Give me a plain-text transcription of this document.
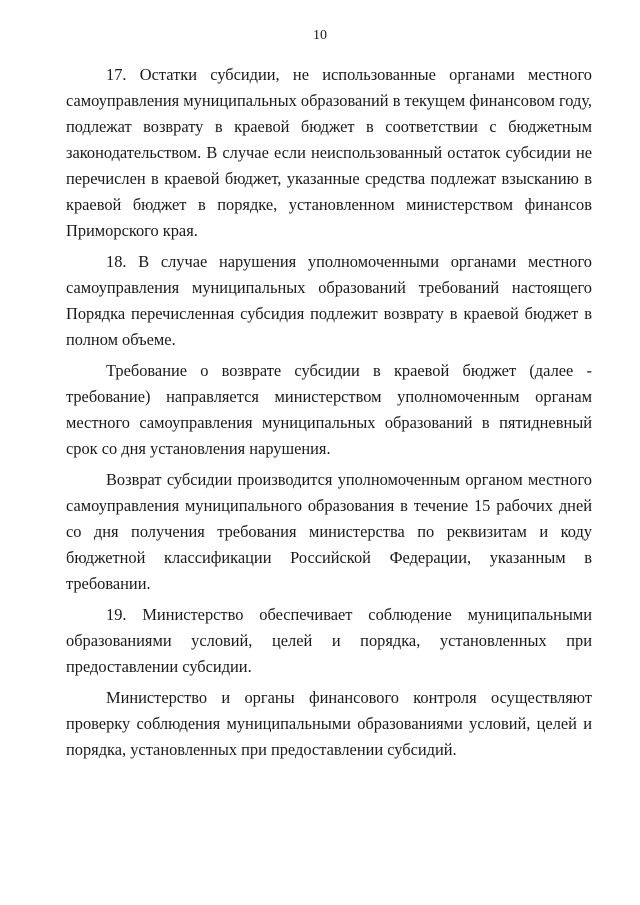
10

17. Остатки субсидии, не использованные органами местного самоуправления муниципальных образований в текущем финансовом году, подлежат возврату в краевой бюджет в соответствии с бюджетным законодательством. В случае если неиспользованный остаток субсидии не перечислен в краевой бюджет, указанные средства подлежат взысканию в краевой бюджет в порядке, установленном министерством финансов Приморского края.

18. В случае нарушения уполномоченными органами местного самоуправления муниципальных образований требований настоящего Порядка перечисленная субсидия подлежит возврату в краевой бюджет в полном объеме.

Требование о возврате субсидии в краевой бюджет (далее - требование) направляется министерством уполномоченным органам местного самоуправления муниципальных образований в пятидневный срок со дня установления нарушения.

Возврат субсидии производится уполномоченным органом местного самоуправления муниципального образования в течение 15 рабочих дней со дня получения требования министерства по реквизитам и коду бюджетной классификации Российской Федерации, указанным в требовании.

19. Министерство обеспечивает соблюдение муниципальными образованиями условий, целей и порядка, установленных при предоставлении субсидии.

Министерство и органы финансового контроля осуществляют проверку соблюдения муниципальными образованиями условий, целей и порядка, установленных при предоставлении субсидий.
